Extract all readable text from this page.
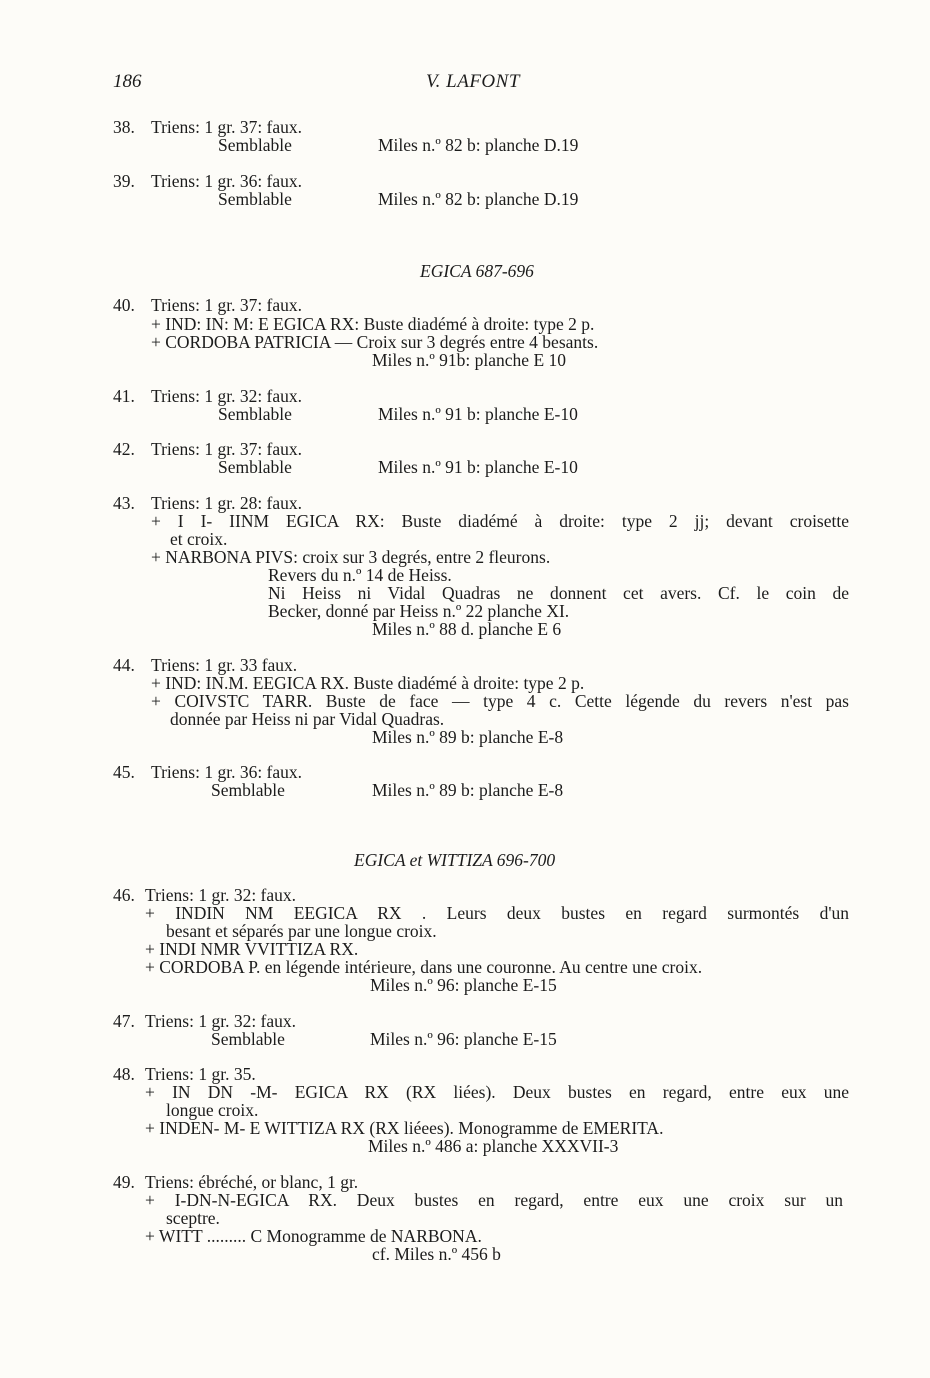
186	V. LAFONT
38. Triens: 1 gr. 37: faux.
Semblable	Miles n.º 82 b: planche D.19
39. Triens: 1 gr. 36: faux.
Semblable	Miles n.º 82 b: planche D.19
EGICA 687-696
40. Triens: 1 gr. 37: faux.
+ IND: IN: M: E EGICA RX: Buste diadémé à droite: type 2 p.
+ CORDOBA PATRICIA — Croix sur 3 degrés entre 4 besants.
Miles n.º 91b: planche E 10
41. Triens: 1 gr. 32: faux.
Semblable	Miles n.º 91 b: planche E-10
42. Triens: 1 gr. 37: faux.
Semblable	Miles n.º 91 b: planche E-10
43. Triens: 1 gr. 28: faux.
+ I I- IINM EGICA RX: Buste diadémé à droite: type 2 jj; devant croisette
et croix.
+ NARBONA PIVS: croix sur 3 degrés, entre 2 fleurons.
Revers du n.º 14 de Heiss.
Ni Heiss ni Vidal Quadras ne donnent cet avers. Cf. le coin de
Becker, donné par Heiss n.º 22 planche XI.
Miles n.º 88 d. planche E 6
44. Triens: 1 gr. 33 faux.
+ IND: IN.M. EEGICA RX. Buste diadémé à droite: type 2 p.
+ COIVSTC TARR. Buste de face — type 4 c. Cette légende du revers n'est pas
donnée par Heiss ni par Vidal Quadras.
Miles n.º 89 b: planche E-8
45. Triens: 1 gr. 36: faux.
Semblable	Miles n.º 89 b: planche E-8
EGICA et WITTIZA 696-700
46. Triens: 1 gr. 32: faux.
+ INDIN NM EEGICA RX . Leurs deux bustes en regard surmontés d'un
besant et séparés par une longue croix.
+ INDI NMR VVITTIZA RX.
+ CORDOBA P. en légende intérieure, dans une couronne. Au centre une croix.
Miles n.º 96: planche E-15
47. Triens: 1 gr. 32: faux.
Semblable	Miles n.º 96: planche E-15
48. Triens: 1 gr. 35.
+ IN DN -M- EGICA RX (RX liées). Deux bustes en regard, entre eux une
longue croix.
+ INDEN- M- E WITTIZA RX (RX liéees). Monogramme de EMERITA.
Miles n.º 486 a: planche XXXVII-3
49. Triens: ébréché, or blanc, 1 gr.
+ I-DN-N-EGICA RX. Deux bustes en regard, entre eux une croix sur un
sceptre.
+ WITT ......... C Monogramme de NARBONA.
cf. Miles n.º 456 b
